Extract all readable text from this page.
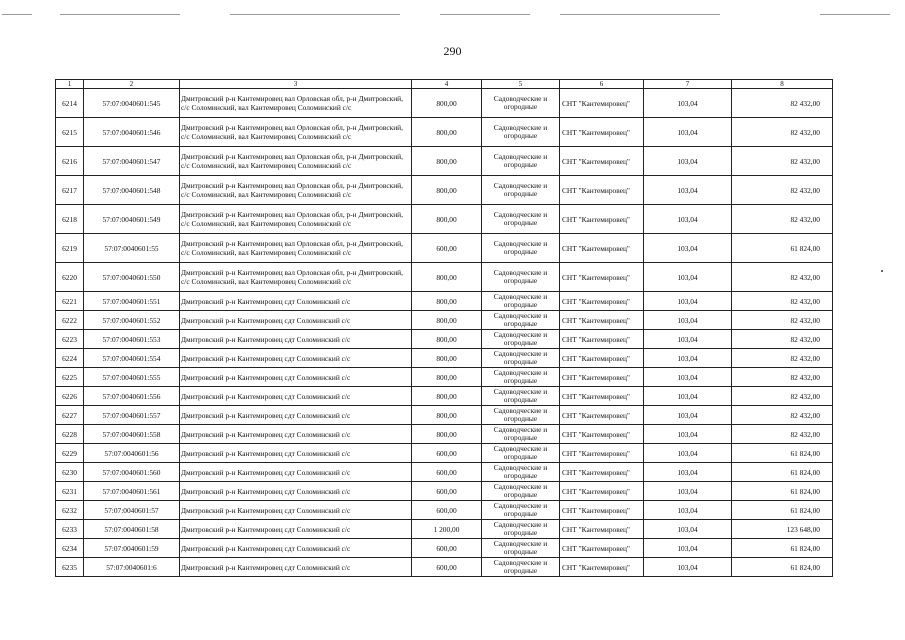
290
1	2	3	4	5	6	7	8
6214	57:07:0040601:545	Дмитровский р-н Кантемировец вал Орловская обл, р-н Дмитровский, с/с Соломинский, вал Кантемировец Соломинский с/с	800,00	Садоводческие и огородные	СНТ "Кантемировец"	103,04	82 432,00
6215	57:07:0040601:546	Дмитровский р-н Кантемировец вал Орловская обл, р-н Дмитровский, с/с Соломинский, вал Кантемировец Соломинский с/с	800,00	Садоводческие и огородные	СНТ "Кантемировец"	103,04	82 432,00
6216	57:07:0040601:547	Дмитровский р-н Кантемировец вал Орловская обл, р-н Дмитровский, с/с Соломинский, вал Кантемировец Соломинский с/с	800,00	Садоводческие и огородные	СНТ "Кантемировец"	103,04	82 432,00
6217	57:07:0040601:548	Дмитровский р-н Кантемировец вал Орловская обл, р-н Дмитровский, с/с Соломинский, вал Кантемировец Соломинский с/с	800,00	Садоводческие и огородные	СНТ "Кантемировец"	103,04	82 432,00
6218	57:07:0040601:549	Дмитровский р-н Кантемировец вал Орловская обл, р-н Дмитровский, с/с Соломинский, вал Кантемировец Соломинский с/с	800,00	Садоводческие и огородные	СНТ "Кантемировец"	103,04	82 432,00
6219	57:07:0040601:55	Дмитровский р-н Кантемировец вал Орловская обл, р-н Дмитровский, с/с Соломинский, вал Кантемировец Соломинский с/с	600,00	Садоводческие и огородные	СНТ "Кантемировец"	103,04	61 824,00
6220	57:07:0040601:550	Дмитровский р-н Кантемировец вал Орловская обл, р-н Дмитровский, с/с Соломинский, вал Кантемировец Соломинский с/с	800,00	Садоводческие и огородные	СНТ "Кантемировец"	103,04	82 432,00
6221	57:07:0040601:551	Дмитровский р-н Кантемировец сдт Соломинский с/с	800,00	Садоводческие и огородные	СНТ "Кантемировец"	103,04	82 432,00
6222	57:07:0040601:552	Дмитровский р-н Кантемировец сдт Соломинский с/с	800,00	Садоводческие и огородные	СНТ "Кантемировец"	103,04	82 432,00
6223	57:07:0040601:553	Дмитровский р-н Кантемировец сдт Соломинский с/с	800,00	Садоводческие и огородные	СНТ "Кантемировец"	103,04	82 432,00
6224	57:07:0040601:554	Дмитровский р-н Кантемировец сдт Соломинский с/с	800,00	Садоводческие и огородные	СНТ "Кантемировец"	103,04	82 432,00
6225	57:07:0040601:555	Дмитровский р-н Кантемировец сдт Соломинский с/с	800,00	Садоводческие и огородные	СНТ "Кантемировец"	103,04	82 432,00
6226	57:07:0040601:556	Дмитровский р-н Кантемировец сдт Соломинский с/с	800,00	Садоводческие и огородные	СНТ "Кантемировец"	103,04	82 432,00
6227	57:07:0040601:557	Дмитровский р-н Кантемировец сдт Соломинский с/с	800,00	Садоводческие и огородные	СНТ "Кантемировец"	103,04	82 432,00
6228	57:07:0040601:558	Дмитровский р-н Кантемировец сдт Соломинский с/с	800,00	Садоводческие и огородные	СНТ "Кантемировец"	103,04	82 432,00
6229	57:07:0040601:56	Дмитровский р-н Кантемировец сдт Соломинский с/с	600,00	Садоводческие и огородные	СНТ "Кантемировец"	103,04	61 824,00
6230	57:07:0040601:560	Дмитровский р-н Кантемировец сдт Соломинский с/с	600,00	Садоводческие и огородные	СНТ "Кантемировец"	103,04	61 824,00
6231	57:07:0040601:561	Дмитровский р-н Кантемировец сдт Соломинский с/с	600,00	Садоводческие и огородные	СНТ "Кантемировец"	103,04	61 824,00
6232	57:07:0040601:57	Дмитровский р-н Кантемировец сдт Соломинский с/с	600,00	Садоводческие и огородные	СНТ "Кантемировец"	103,04	61 824,00
6233	57:07:0040601:58	Дмитровский р-н Кантемировец сдт Соломинский с/с	1 200,00	Садоводческие и огородные	СНТ "Кантемировец"	103,04	123 648,00
6234	57:07:0040601:59	Дмитровский р-н Кантемировец сдт Соломинский с/с	600,00	Садоводческие и огородные	СНТ "Кантемировец"	103,04	61 824,00
6235	57:07:0040601:6	Дмитровский р-н Кантемировец сдт Соломинский с/с	600,00	Садоводческие и огородные	СНТ "Кантемировец"	103,04	61 824,00
